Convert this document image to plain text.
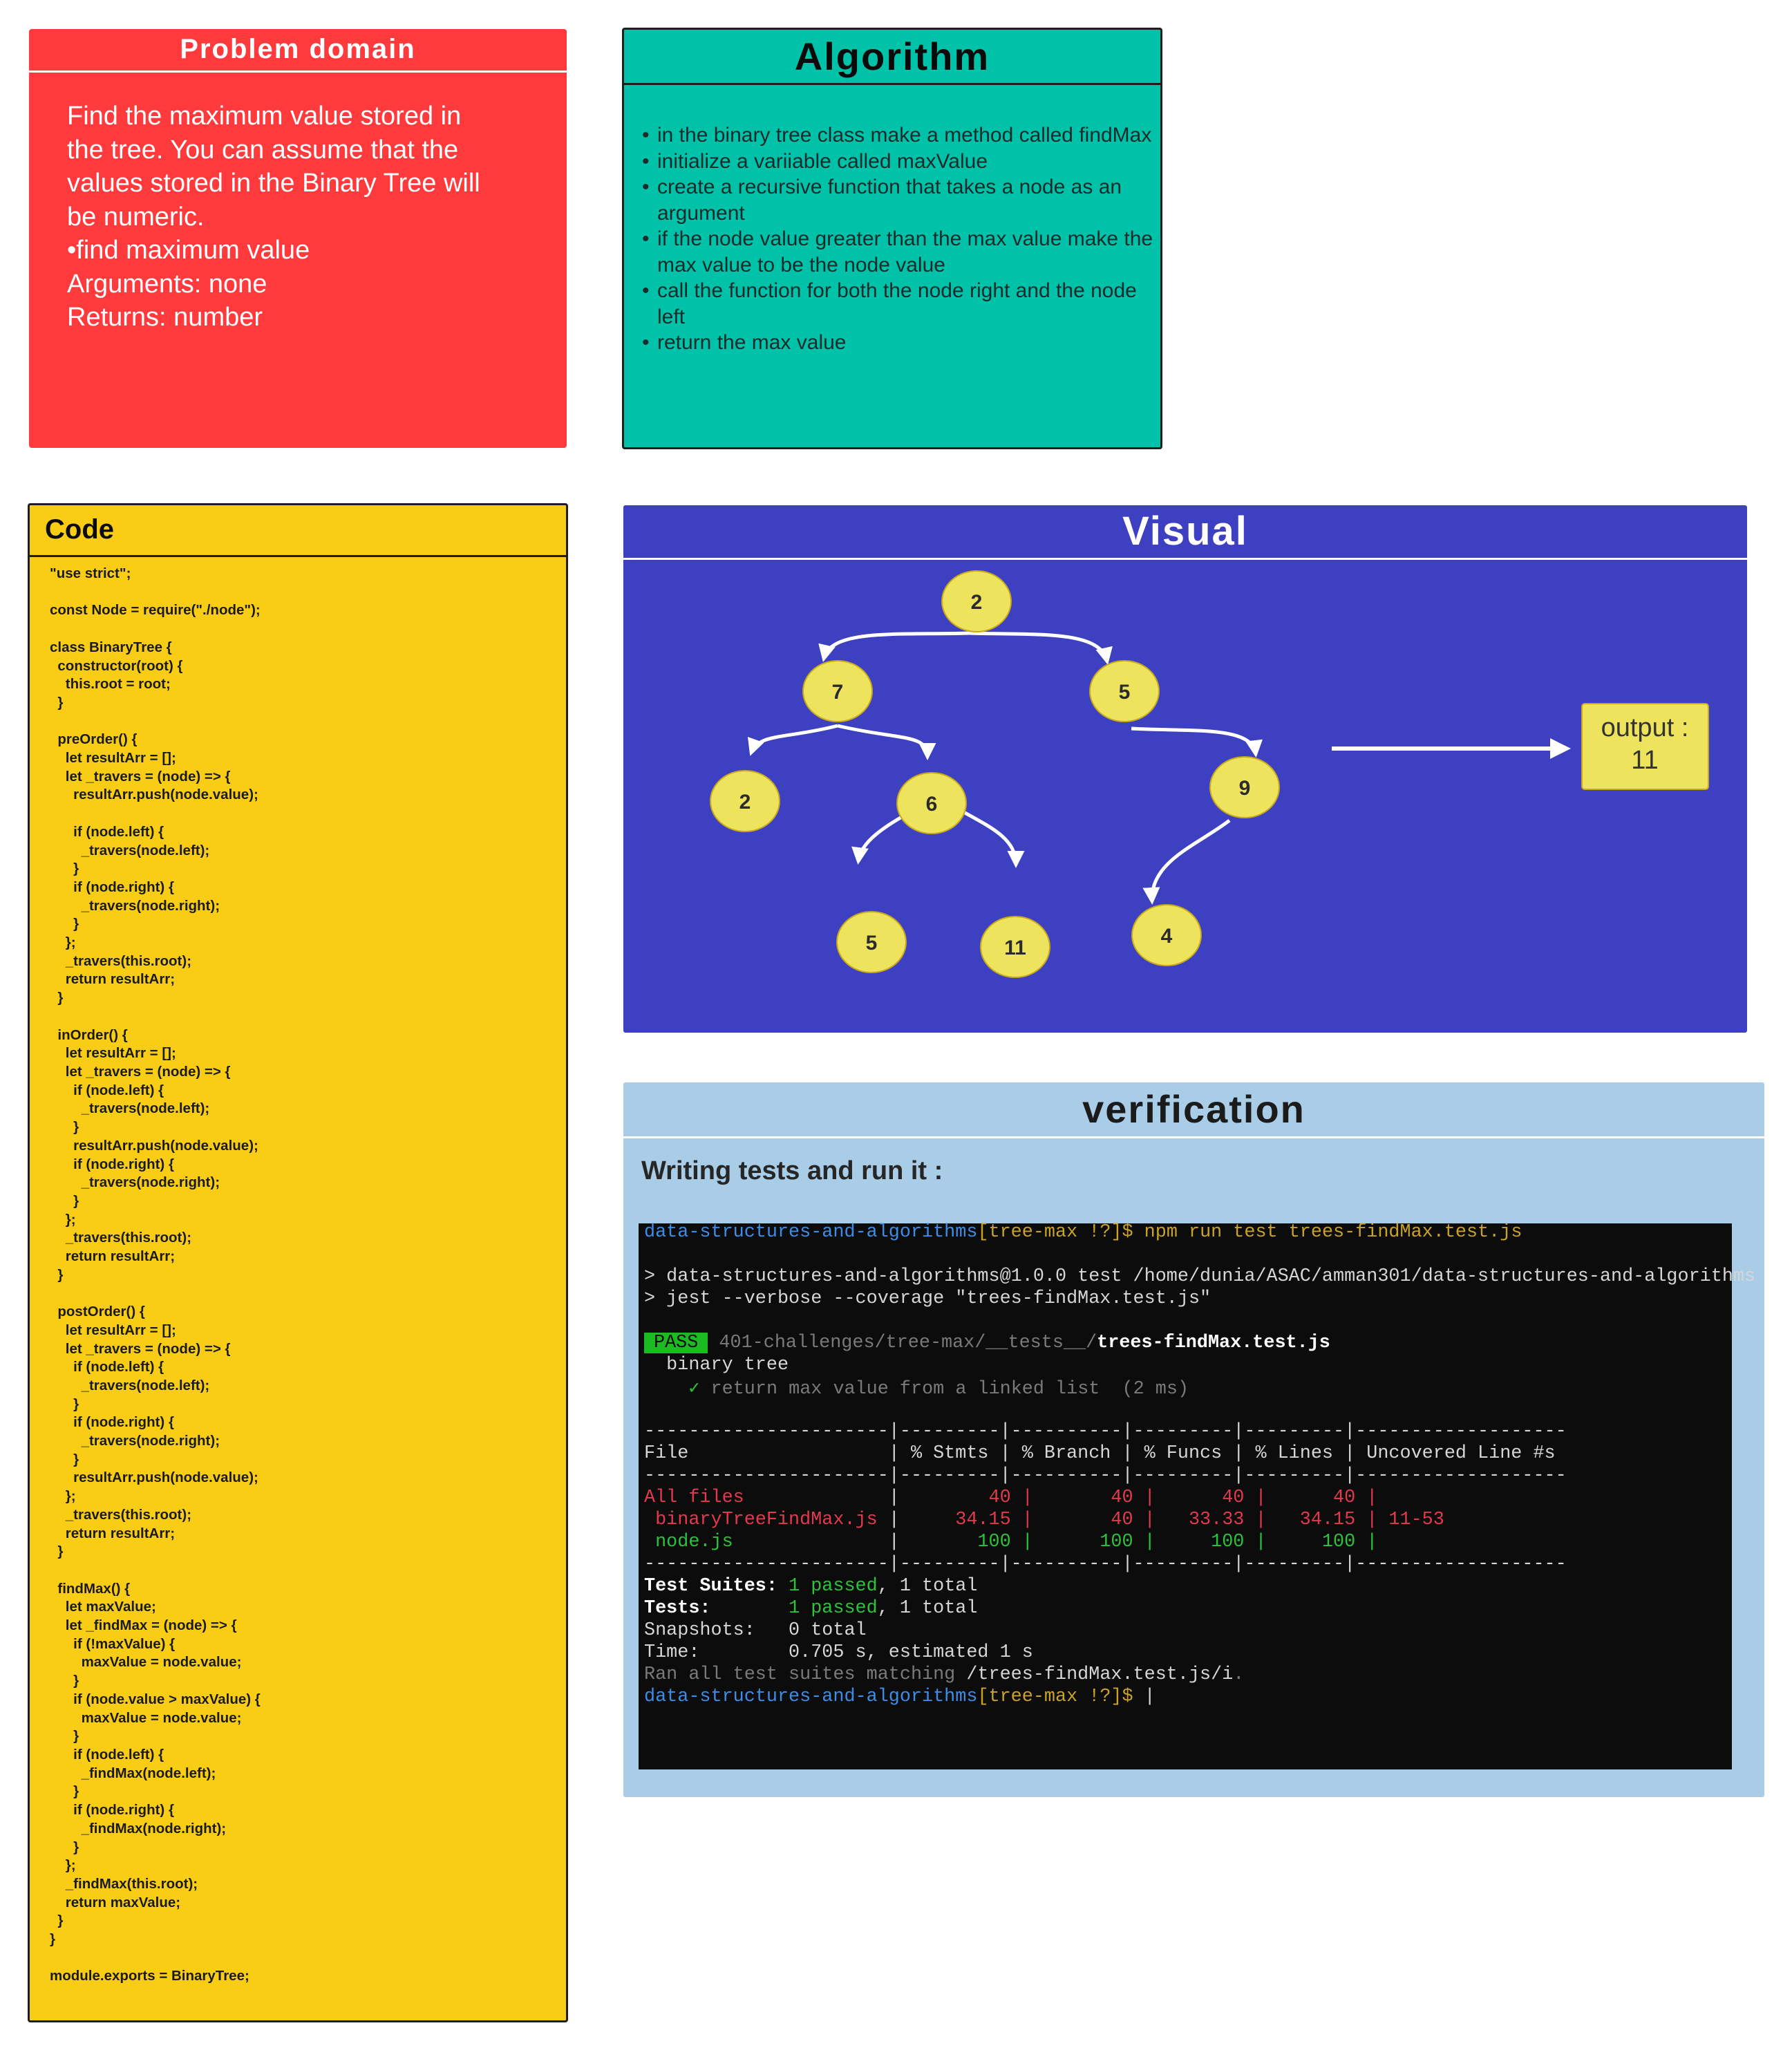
Problem domain
Find the maximum value stored in
the tree. You can assume that the
values stored in the Binary Tree will
be numeric.
•find maximum value
Arguments: none
Returns: number
Algorithm
• in the binary tree class make a method called findMax
• initialize a variiable called maxValue
• create a recursive function that takes a node as an argument
• if the node value greater than the max value make the max value to be the node value
• call the function for both the node right and the node left
• return the max value
Code
"use strict";

const Node = require("./node");

class BinaryTree {
constructor(root) {
this.root = root;
}

preOrder() {
let resultArr = [];
let _travers = (node) => {
resultArr.push(node.value);

if (node.left) {
_travers(node.left);
}
if (node.right) {
_travers(node.right);
}
};
_travers(this.root);
return resultArr;
}

inOrder() {
let resultArr = [];
let _travers = (node) => {
if (node.left) {
_travers(node.left);
}
resultArr.push(node.value);
if (node.right) {
_travers(node.right);
}
};
_travers(this.root);
return resultArr;
}

postOrder() {
let resultArr = [];
let _travers = (node) => {
if (node.left) {
_travers(node.left);
}
if (node.right) {
_travers(node.right);
}
resultArr.push(node.value);
};
_travers(this.root);
return resultArr;
}

findMax() {
let maxValue;
let _findMax = (node) => {
if (!maxValue) {
maxValue = node.value;
}
if (node.value > maxValue) {
maxValue = node.value;
}
if (node.left) {
_findMax(node.left);
}
if (node.right) {
_findMax(node.right);
}
};
_findMax(this.root);
return maxValue;
}
}

module.exports = BinaryTree;
Visual
2
7	5
2	6
9
5	11
4
output :
11
verification
Writing tests and run it :
data-structures-and-algorithms[tree-max !?]$ npm run test trees-findMax.test.js
> data-structures-and-algorithms@1.0.0 test /home/dunia/ASAC/amman301/data-structures-and-algorithms
> jest --verbose --coverage "trees-findMax.test.js"
PASS 401-challenges/tree-max/__tests__/trees-findMax.test.js
binary tree
✓ return max value from a linked list  (2 ms)
----------------------|---------|----------|---------|---------|-------------------
File                  | % Stmts | % Branch | % Funcs | % Lines | Uncovered Line #s
----------------------|---------|----------|---------|---------|-------------------
All files             |        40 |       40 |      40 |      40 |
binaryTreeFindMax.js |     34.15 |       40 |   33.33 |   34.15 | 11-53
node.js              |       100 |      100 |     100 |     100 |
----------------------|---------|----------|---------|---------|-------------------
Test Suites: 1 passed, 1 total
Tests:       1 passed, 1 total
Snapshots:   0 total
Time:        0.705 s, estimated 1 s
Ran all test suites matching /trees-findMax.test.js/i.
data-structures-and-algorithms[tree-max !?]$ |
